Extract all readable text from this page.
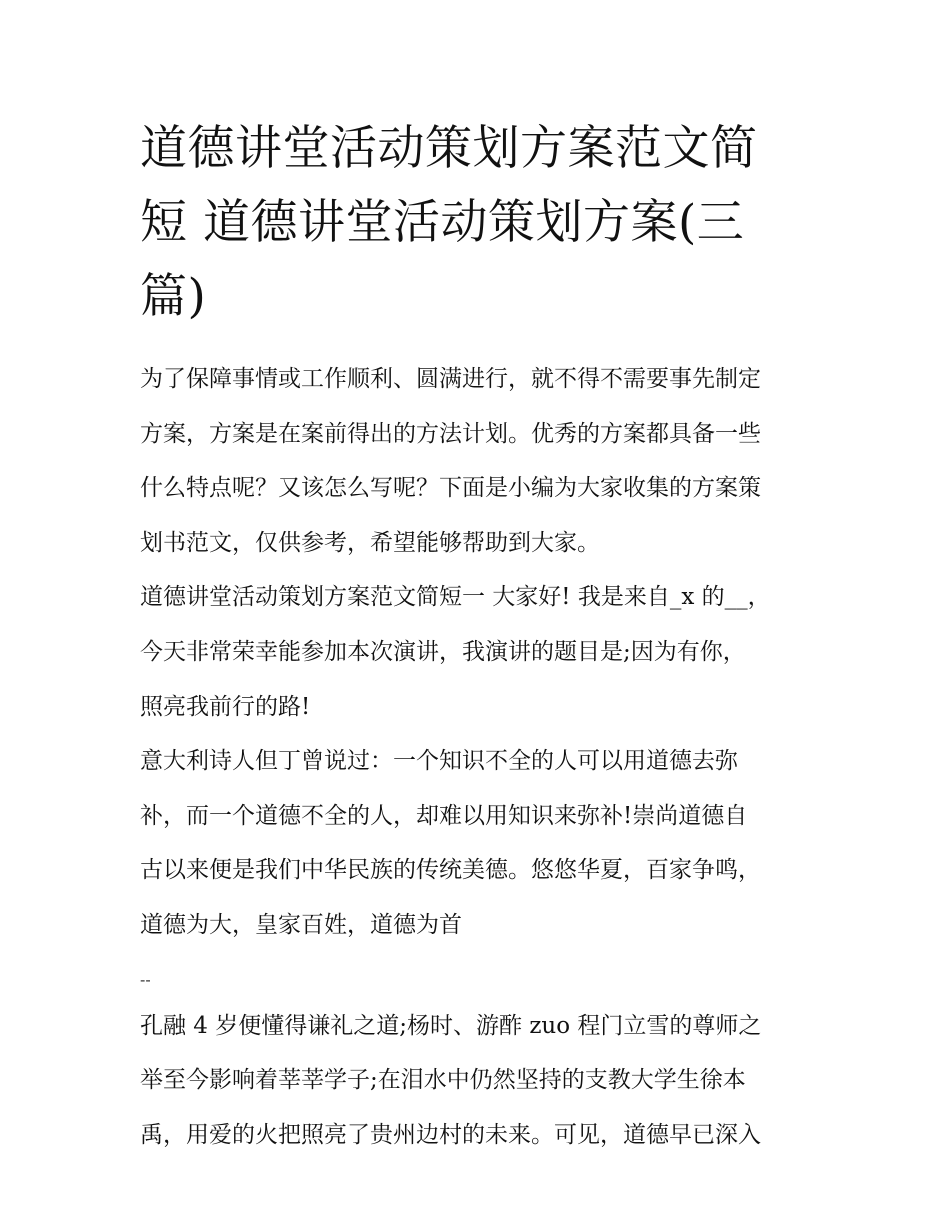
道德讲堂活动策划方案范文简
短 道德讲堂活动策划方案(三
篇)
为了保障事情或工作顺利、圆满进行，就不得不需要事先制定
方案，方案是在案前得出的方法计划。优秀的方案都具备一些
什么特点呢？又该怎么写呢？下面是小编为大家收集的方案策
划书范文，仅供参考，希望能够帮助到大家。
道德讲堂活动策划方案范文简短一 大家好! 我是来自_x 的__，
今天非常荣幸能参加本次演讲，我演讲的题目是;因为有你，
照亮我前行的路!
意大利诗人但丁曾说过：一个知识不全的人可以用道德去弥
补，而一个道德不全的人，却难以用知识来弥补!崇尚道德自
古以来便是我们中华民族的传统美德。悠悠华夏，百家争鸣，
道德为大，皇家百姓，道德为首
--
孔融 4 岁便懂得谦礼之道;杨时、游酢 zuo 程门立雪的尊师之
举至今影响着莘莘学子;在泪水中仍然坚持的支教大学生徐本
禹，用爱的火把照亮了贵州边村的未来。可见，道德早已深入
